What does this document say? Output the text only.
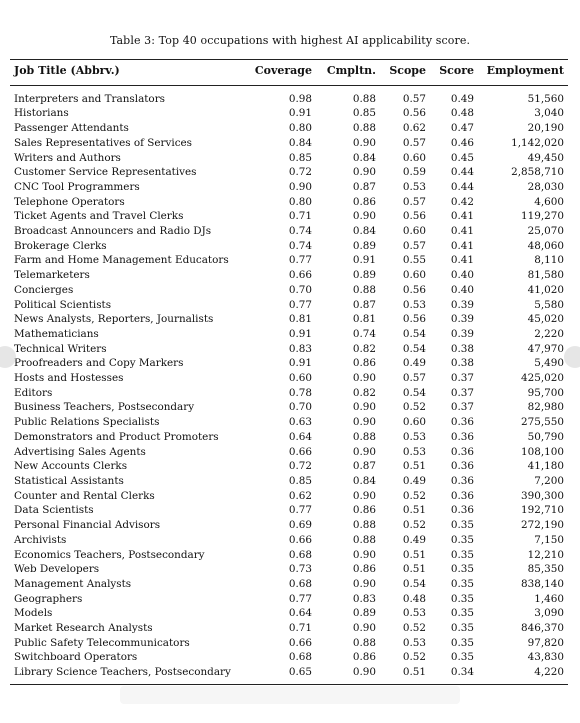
Table 3: Top 40 occupations with highest AI applicability score.
Job Title (Abbrv.)	Coverage	Cmpltn.	Scope	Score	Employment
Interpreters and Translators	0.98	0.88	0.57	0.49	51,560
Historians	0.91	0.85	0.56	0.48	3,040
Passenger Attendants	0.80	0.88	0.62	0.47	20,190
Sales Representatives of Services	0.84	0.90	0.57	0.46	1,142,020
Writers and Authors	0.85	0.84	0.60	0.45	49,450
Customer Service Representatives	0.72	0.90	0.59	0.44	2,858,710
CNC Tool Programmers	0.90	0.87	0.53	0.44	28,030
Telephone Operators	0.80	0.86	0.57	0.42	4,600
Ticket Agents and Travel Clerks	0.71	0.90	0.56	0.41	119,270
Broadcast Announcers and Radio DJs	0.74	0.84	0.60	0.41	25,070
Brokerage Clerks	0.74	0.89	0.57	0.41	48,060
Farm and Home Management Educators	0.77	0.91	0.55	0.41	8,110
Telemarketers	0.66	0.89	0.60	0.40	81,580
Concierges	0.70	0.88	0.56	0.40	41,020
Political Scientists	0.77	0.87	0.53	0.39	5,580
News Analysts, Reporters, Journalists	0.81	0.81	0.56	0.39	45,020
Mathematicians	0.91	0.74	0.54	0.39	2,220
Technical Writers	0.83	0.82	0.54	0.38	47,970
Proofreaders and Copy Markers	0.91	0.86	0.49	0.38	5,490
Hosts and Hostesses	0.60	0.90	0.57	0.37	425,020
Editors	0.78	0.82	0.54	0.37	95,700
Business Teachers, Postsecondary	0.70	0.90	0.52	0.37	82,980
Public Relations Specialists	0.63	0.90	0.60	0.36	275,550
Demonstrators and Product Promoters	0.64	0.88	0.53	0.36	50,790
Advertising Sales Agents	0.66	0.90	0.53	0.36	108,100
New Accounts Clerks	0.72	0.87	0.51	0.36	41,180
Statistical Assistants	0.85	0.84	0.49	0.36	7,200
Counter and Rental Clerks	0.62	0.90	0.52	0.36	390,300
Data Scientists	0.77	0.86	0.51	0.36	192,710
Personal Financial Advisors	0.69	0.88	0.52	0.35	272,190
Archivists	0.66	0.88	0.49	0.35	7,150
Economics Teachers, Postsecondary	0.68	0.90	0.51	0.35	12,210
Web Developers	0.73	0.86	0.51	0.35	85,350
Management Analysts	0.68	0.90	0.54	0.35	838,140
Geographers	0.77	0.83	0.48	0.35	1,460
Models	0.64	0.89	0.53	0.35	3,090
Market Research Analysts	0.71	0.90	0.52	0.35	846,370
Public Safety Telecommunicators	0.66	0.88	0.53	0.35	97,820
Switchboard Operators	0.68	0.86	0.52	0.35	43,830
Library Science Teachers, Postsecondary	0.65	0.90	0.51	0.34	4,220
